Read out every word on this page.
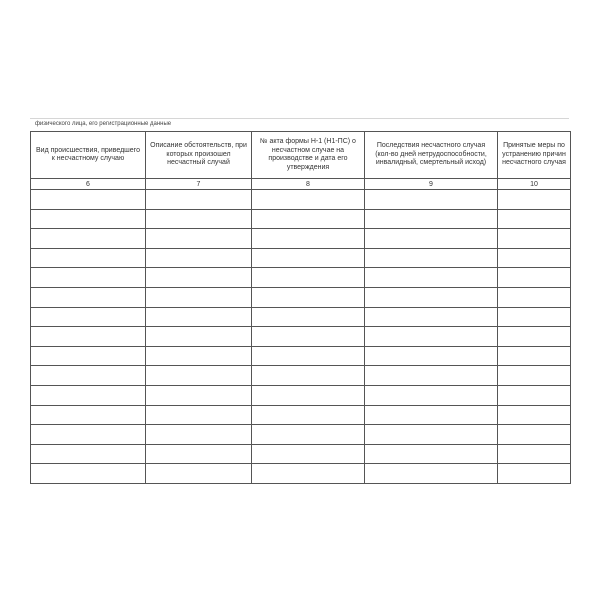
физического лица, его регистрационные данные
Вид происшествия, приведшего к несчастному случаю	Описание обстоятельств, при которых произошел несчастный случай	№ акта формы Н-1 (Н1-ПС) о несчастном случае на производстве и дата его утверждения	Последствия несчастного случая (кол-во дней нетрудоспособности, инвалидный, смертельный исход)	Принятые меры по устранению причин несчастного случая
6	7	8	9	10
